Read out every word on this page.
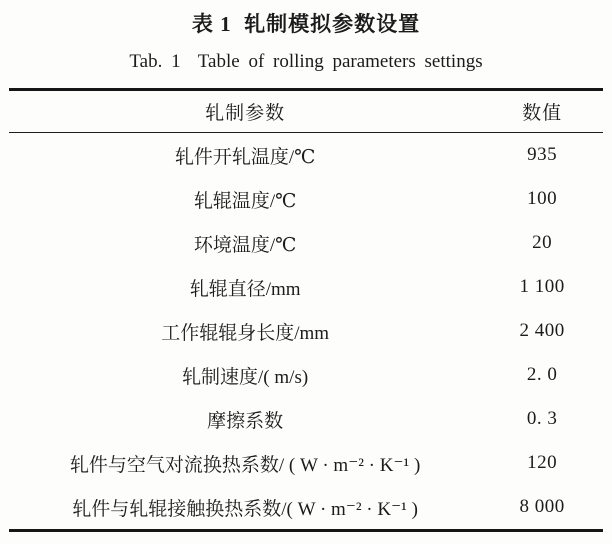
表 1  轧制模拟参数设置

Tab. 1  Table of rolling parameters settings

轧制参数	数值
轧件开轧温度/℃	935
轧辊温度/℃	100
环境温度/℃	20
轧辊直径/mm	1 100
工作辊辊身长度/mm	2 400
轧制速度/( m/s)	2. 0
摩擦系数	0. 3
轧件与空气对流换热系数/ ( W · m⁻² · K⁻¹ )	120
轧件与轧辊接触换热系数/( W · m⁻² · K⁻¹ )	8 000
